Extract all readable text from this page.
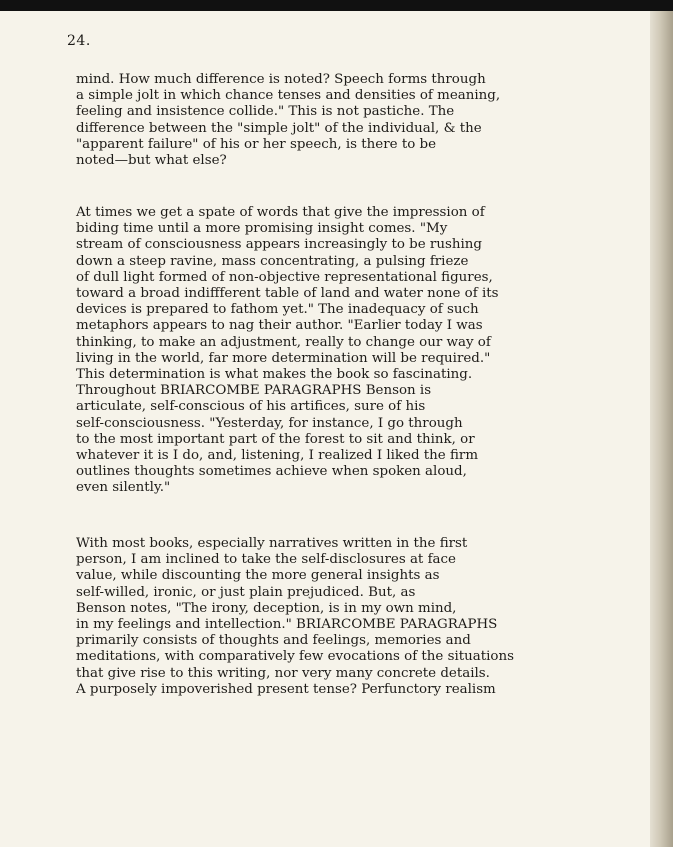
24.
mind. How much difference is noted? Speech forms through
a simple jolt in which chance tenses and densities of meaning,
feeling and insistence collide." This is not pastiche. The
difference between the "simple jolt" of the individual, & the
"apparent failure" of his or her speech, is there to be
noted—but what else?
At times we get a spate of words that give the impression of
biding time until a more promising insight comes. "My
stream of consciousness appears increasingly to be rushing
down a steep ravine, mass concentrating, a pulsing frieze
of dull light formed of non-objective representational figures,
toward a broad indiffferent table of land and water none of its
devices is prepared to fathom yet." The inadequacy of such
metaphors appears to nag their author. "Earlier today I was
thinking, to make an adjustment, really to change our way of
living in the world, far more determination will be required."
This determination is what makes the book so fascinating.
Throughout BRIARCOMBE PARAGRAPHS Benson is
articulate, self-conscious of his artifices, sure of his
self-consciousness. "Yesterday, for instance, I go through
to the most important part of the forest to sit and think, or
whatever it is I do, and, listening, I realized I liked the firm
outlines thoughts sometimes achieve when spoken aloud,
even silently."
With most books, especially narratives written in the first
person, I am inclined to take the self-disclosures at face
value, while discounting the more general insights as
self-willed, ironic, or just plain prejudiced. But, as
Benson notes, "The irony, deception, is in my own mind,
in my feelings and intellection." BRIARCOMBE PARAGRAPHS
primarily consists of thoughts and feelings, memories and
meditations, with comparatively few evocations of the situations
that give rise to this writing, nor very many concrete details.
A purposely impoverished present tense? Perfunctory realism
